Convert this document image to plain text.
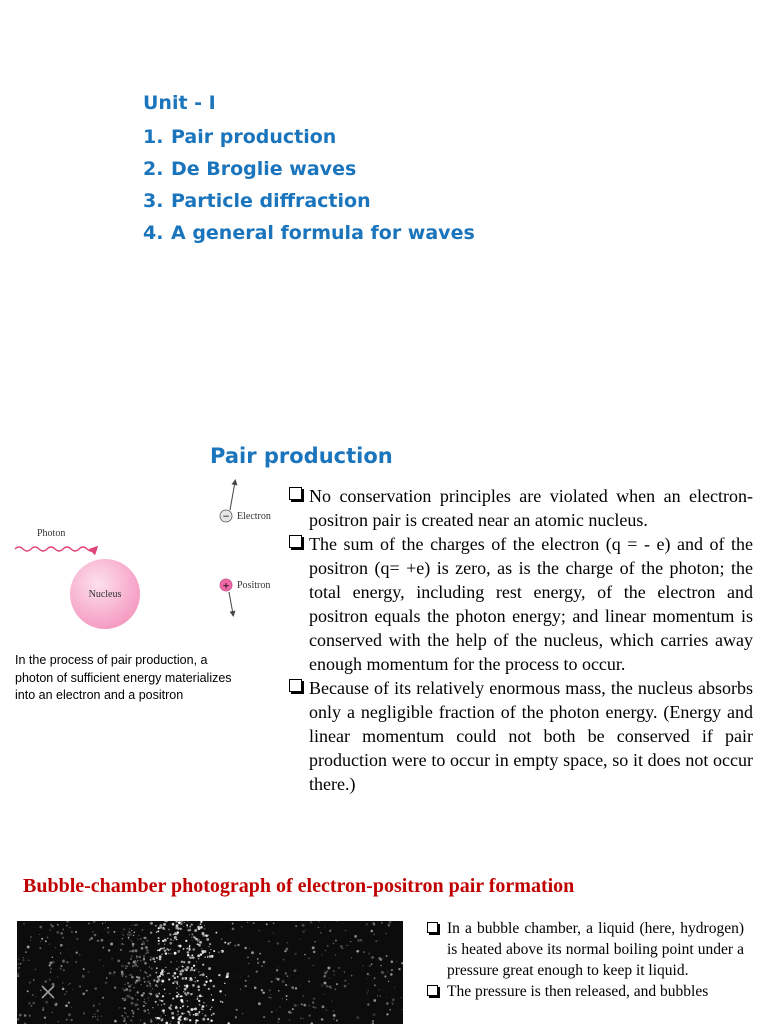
Unit - I
1. Pair production
2. De Broglie waves
3. Particle diffraction
4. A general formula for waves
Pair production
Photon
Nucleus
− Electron
+ Positron
In the process of pair production, a photon of sufficient energy materializes into an electron and a positron
No conservation principles are violated when an electron-positron pair is created near an atomic nucleus.
The sum of the charges of the electron (q = - e) and of the positron (q= +e) is zero, as is the charge of the photon; the total energy, including rest energy, of the electron and positron equals the photon energy; and linear momentum is conserved with the help of the nucleus, which carries away enough momentum for the process to occur.
Because of its relatively enormous mass, the nucleus absorbs only a negligible fraction of the photon energy. (Energy and linear momentum could not both be conserved if pair production were to occur in empty space, so it does not occur there.)
Bubble-chamber photograph of electron-positron pair formation
In a bubble chamber, a liquid (here, hydrogen) is heated above its normal boiling point under a pressure great enough to keep it liquid.
The pressure is then released, and bubbles
